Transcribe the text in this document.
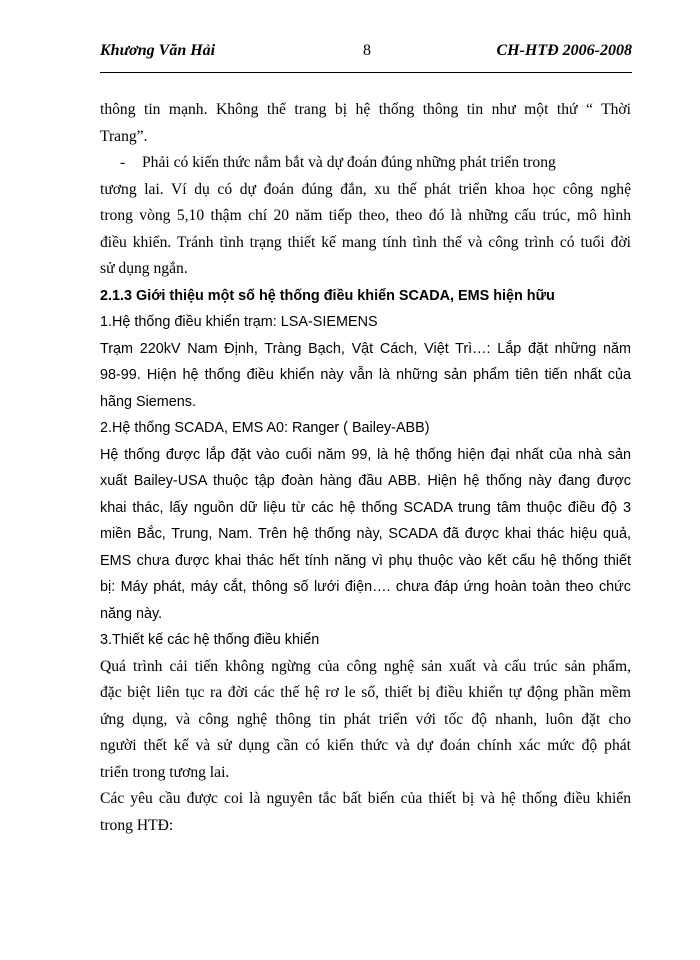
Khương Văn Hải	8	CH-HTĐ 2006-2008
thông tin mạnh. Không thể trang bị hệ thống thông tin như một thứ “ Thời
Trang”.
- Phải có kiến thức nắm bắt và dự đoán đúng những phát triển trong
tương lai. Ví dụ có dự đoán đúng đắn, xu thế phát triển khoa học công nghệ
trong vòng 5,10 thậm chí 20 năm tiếp theo, theo đó là những cấu trúc, mô hình
điều khiển. Tránh tình trạng thiết kế mang tính tình thế và công trình có tuổi đời
sử dụng ngắn.
2.1.3 Giới thiệu một số hệ thống điều khiển SCADA, EMS hiện hữu
1.Hệ thống điều khiển trạm: LSA-SIEMENS
Trạm 220kV Nam Định, Tràng Bạch, Vật Cách, Việt Trì…: Lắp đặt những năm
98-99. Hiện hệ thống điều khiển này vẫn là những sản phẩm tiên tiến nhất của
hãng Siemens.
2.Hệ thống SCADA, EMS A0: Ranger ( Bailey-ABB)
Hệ thống được lắp đặt vào cuối năm 99, là hệ thống hiện đại nhất của nhà sản
xuất Bailey-USA thuộc tập đoàn hàng đầu ABB. Hiện hệ thống này đang được
khai thác, lấy nguồn dữ liệu từ các hệ thống SCADA trung tâm thuộc điều độ 3
miền Bắc, Trung, Nam. Trên hệ thống này, SCADA đã được khai thác hiệu quả,
EMS chưa được khai thác hết tính năng vì phụ thuộc vào kết cấu hệ thống thiết
bị: Máy phát, máy cắt, thông số lưới điện…. chưa đáp ứng hoàn toàn theo chức
năng này.
3.Thiết kế các hệ thống điều khiển
Quá trình cải tiến không ngừng của công nghệ sản xuất và cấu trúc sản phẩm,
đặc biệt liên tục ra đời các thế hệ rơ le số, thiết bị điều khiển tự động phần mềm
ứng dụng, và công nghệ thông tin phát triển với tốc độ nhanh, luôn đặt cho
người thết kế và sử dụng cần có kiến thức và dự đoán chính xác mức độ phát
triển trong tương lai.
Các yêu cầu được coi là nguyên tắc bất biến của thiết bị và hệ thống điều khiển
trong HTĐ:
